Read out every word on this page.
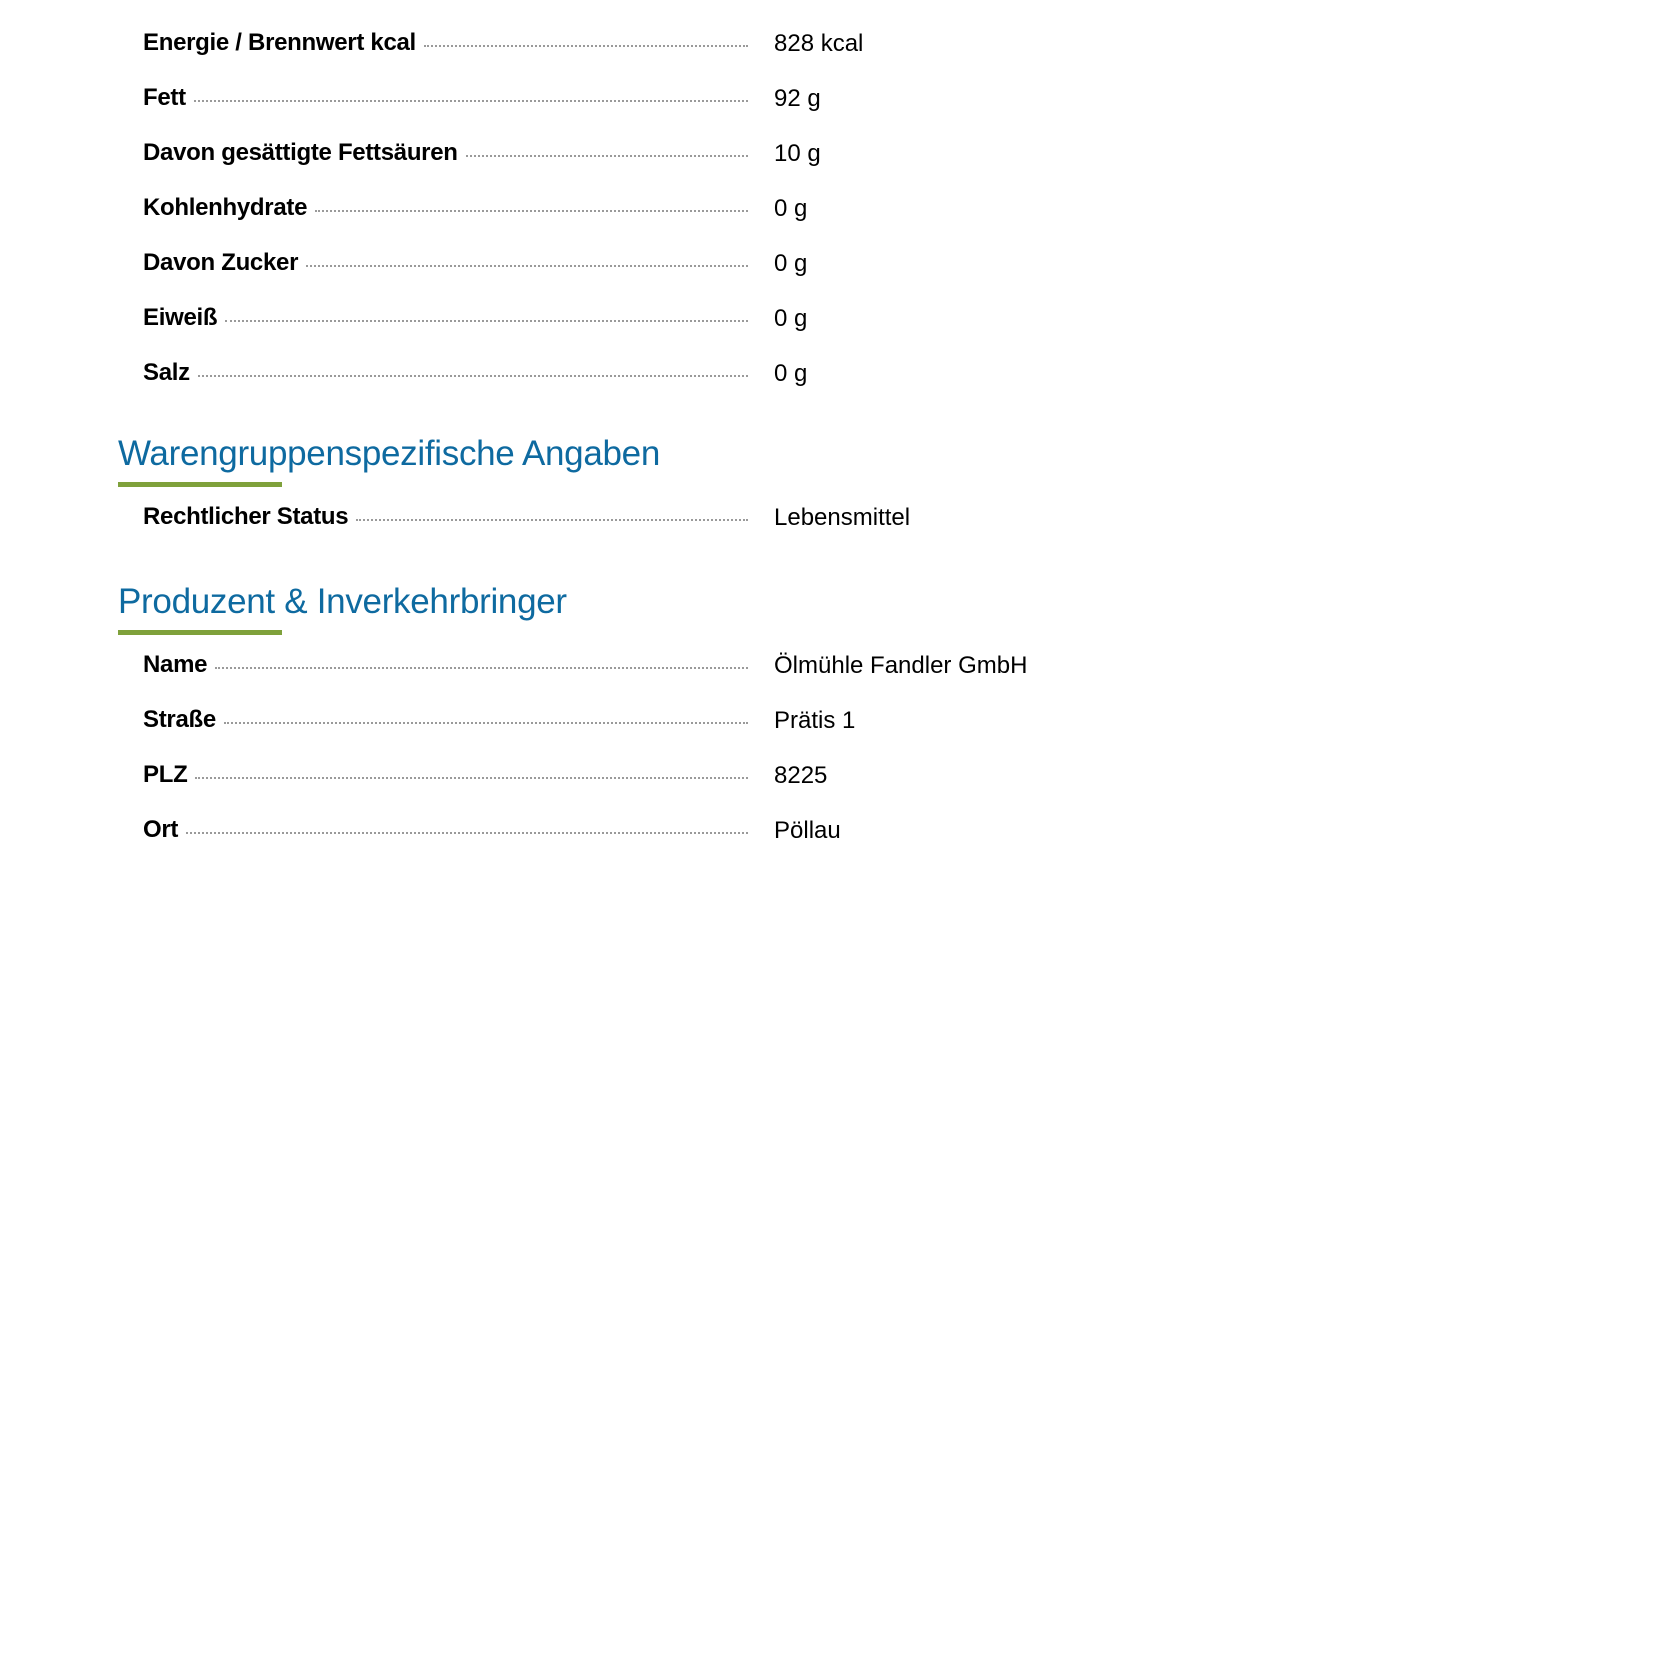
Energie / Brennwert kcal	828 kcal
Fett	92 g
Davon gesättigte Fettsäuren	10 g
Kohlenhydrate	0 g
Davon Zucker	0 g
Eiweiß	0 g
Salz	0 g
Warengruppenspezifische Angaben
Rechtlicher Status	Lebensmittel
Produzent & Inverkehrbringer
Name	Ölmühle Fandler GmbH
Straße	Prätis 1
PLZ	8225
Ort	Pöllau
